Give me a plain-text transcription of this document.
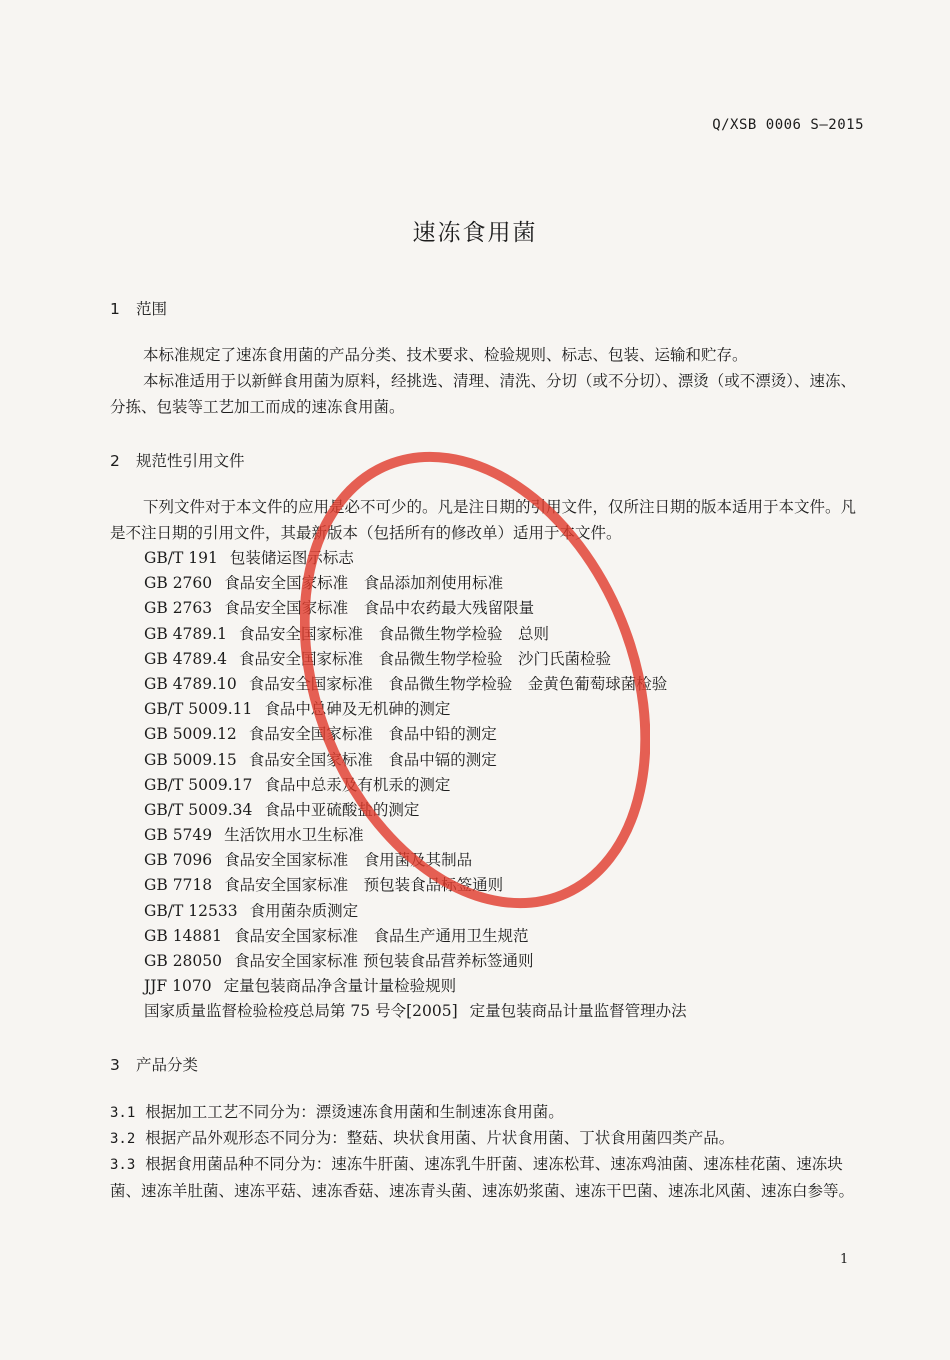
Q/XSB 0006 S—2015
速冻食用菌
1 范围

本标准规定了速冻食用菌的产品分类、技术要求、检验规则、标志、包装、运输和贮存。

本标准适用于以新鲜食用菌为原料，经挑选、清理、清洗、分切（或不分切）、漂烫（或不漂烫）、速冻、分拣、包装等工艺加工而成的速冻食用菌。

2 规范性引用文件

下列文件对于本文件的应用是必不可少的。凡是注日期的引用文件，仅所注日期的版本适用于本文件。凡是不注日期的引用文件，其最新版本（包括所有的修改单）适用于本文件。

GB/T 191 包装储运图示标志
GB 2760 食品安全国家标准　食品添加剂使用标准
GB 2763 食品安全国家标准　食品中农药最大残留限量
GB 4789.1 食品安全国家标准　食品微生物学检验　总则
GB 4789.4 食品安全国家标准　食品微生物学检验　沙门氏菌检验
GB 4789.10 食品安全国家标准　食品微生物学检验　金黄色葡萄球菌检验
GB/T 5009.11 食品中总砷及无机砷的测定
GB 5009.12 食品安全国家标准　食品中铅的测定
GB 5009.15 食品安全国家标准　食品中镉的测定
GB/T 5009.17 食品中总汞及有机汞的测定
GB/T 5009.34 食品中亚硫酸盐的测定
GB 5749 生活饮用水卫生标准
GB 7096 食品安全国家标准　食用菌及其制品
GB 7718 食品安全国家标准　预包装食品标签通则
GB/T 12533 食用菌杂质测定
GB 14881 食品安全国家标准　食品生产通用卫生规范
GB 28050 食品安全国家标准 预包装食品营养标签通则
JJF 1070 定量包装商品净含量计量检验规则
国家质量监督检验检疫总局第 75 号令[2005] 定量包装商品计量监督管理办法
3 产品分类

3.1 根据加工工艺不同分为：漂烫速冻食用菌和生制速冻食用菌。

3.2 根据产品外观形态不同分为：整菇、块状食用菌、片状食用菌、丁状食用菌四类产品。

3.3 根据食用菌品种不同分为：速冻牛肝菌、速冻乳牛肝菌、速冻松茸、速冻鸡油菌、速冻桂花菌、速冻块菌、速冻羊肚菌、速冻平菇、速冻香菇、速冻青头菌、速冻奶浆菌、速冻干巴菌、速冻北风菌、速冻白参等。

1
